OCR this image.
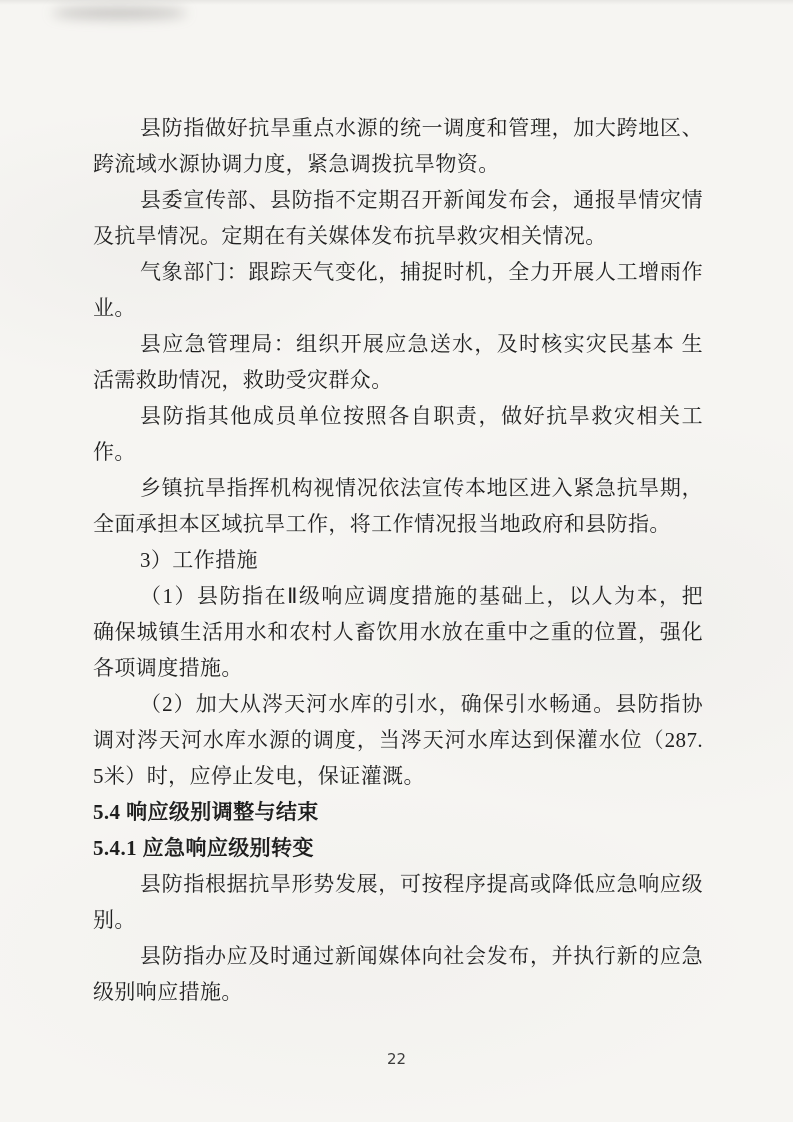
县防指做好抗旱重点水源的统一调度和管理，加大跨地区、
跨流域水源协调力度，紧急调拨抗旱物资。
县委宣传部、县防指不定期召开新闻发布会，通报旱情灾情
及抗旱情况。定期在有关媒体发布抗旱救灾相关情况。
气象部门：跟踪天气变化，捕捉时机，全力开展人工增雨作
业。
县应急管理局：组织开展应急送水，及时核实灾民基本 生
活需救助情况，救助受灾群众。
县防指其他成员单位按照各自职责，做好抗旱救灾相关工
作。
乡镇抗旱指挥机构视情况依法宣传本地区进入紧急抗旱期，
全面承担本区域抗旱工作，将工作情况报当地政府和县防指。
3）工作措施
（1）县防指在Ⅱ级响应调度措施的基础上，以人为本，把
确保城镇生活用水和农村人畜饮用水放在重中之重的位置，强化
各项调度措施。
（2）加大从涔天河水库的引水，确保引水畅通。县防指协
调对涔天河水库水源的调度，当涔天河水库达到保灌水位（287.
5米）时，应停止发电，保证灌溉。
5.4 响应级别调整与结束
5.4.1 应急响应级别转变
县防指根据抗旱形势发展，可按程序提高或降低应急响应级
别。
县防指办应及时通过新闻媒体向社会发布，并执行新的应急
级别响应措施。
22
